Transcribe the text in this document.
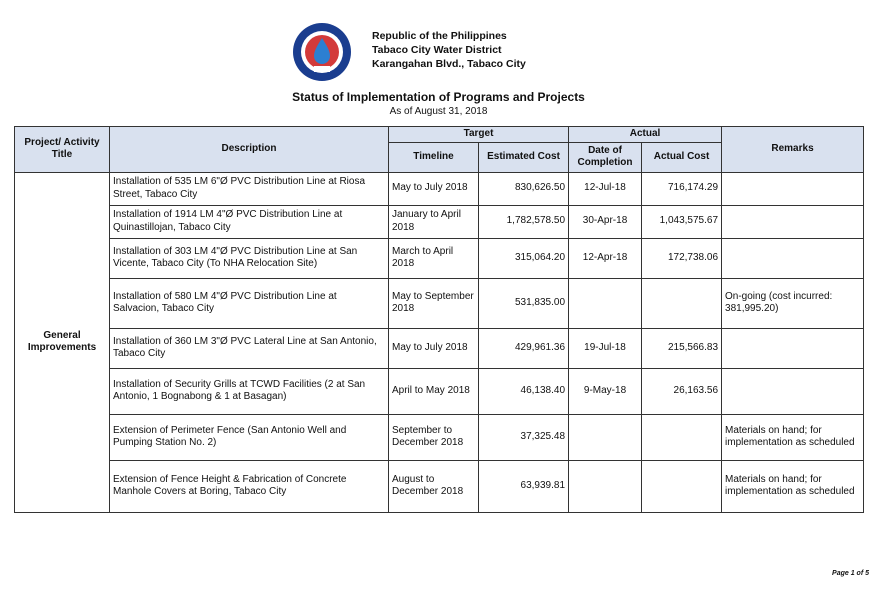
Republic of the Philippines
Tabaco City Water District
Karangahan Blvd., Tabaco City
Status of Implementation of Programs and Projects
As of August 31, 2018
Project/ Activity Title	Description	Target		Actual		Remarks
		Timeline	Estimated Cost	Date of Completion	Actual Cost	
General Improvements	Installation of 535 LM 6"Ø PVC Distribution Line at Riosa Street, Tabaco City	May to July 2018	830,626.50	12-Jul-18	716,174.29	
	Installation of 1914 LM 4"Ø PVC Distribution Line at Quinastillojan, Tabaco City	January to April 2018	1,782,578.50	30-Apr-18	1,043,575.67	
	Installation of 303 LM 4"Ø PVC Distribution Line at San Vicente, Tabaco City (To NHA Relocation Site)	March to April 2018	315,064.20	12-Apr-18	172,738.06	
	Installation of 580 LM 4"Ø PVC Distribution Line at Salvacion, Tabaco City	May to September 2018	531,835.00			On-going (cost incurred: 381,995.20)
	Installation of 360 LM 3"Ø PVC Lateral Line at San Antonio, Tabaco City	May to July 2018	429,961.36	19-Jul-18	215,566.83	
	Installation of Security Grills at TCWD Facilities (2 at San Antonio, 1 Bognabong & 1 at Basagan)	April to May 2018	46,138.40	9-May-18	26,163.56	
	Extension of Perimeter Fence (San Antonio Well and Pumping Station No. 2)	September to December 2018	37,325.48			Materials on hand; for implementation as scheduled
	Extension of Fence Height & Fabrication of Concrete Manhole Covers at Boring, Tabaco City	August to December 2018	63,939.81			Materials on hand; for implementation as scheduled
Page 1 of 5
